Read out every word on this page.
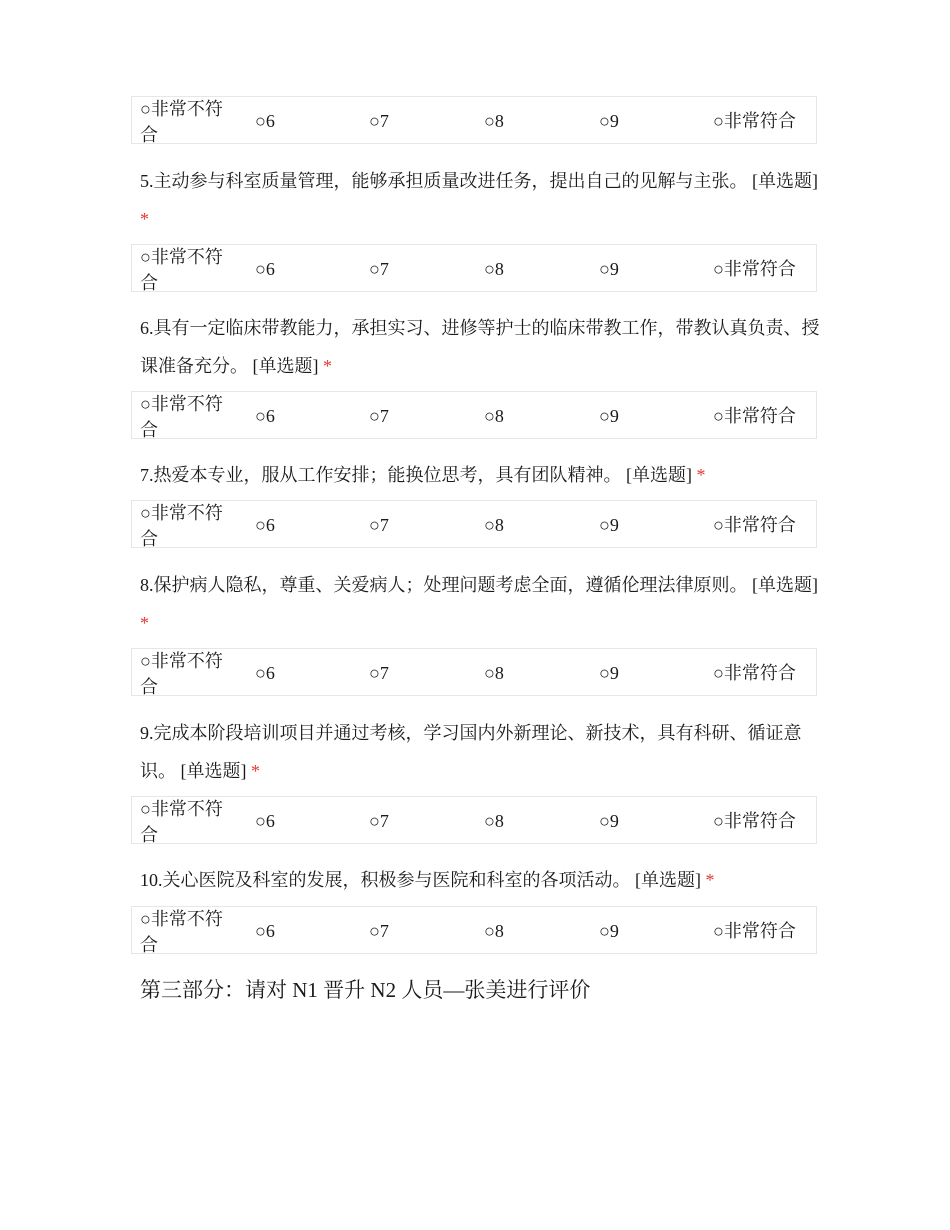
○非常不符合
○6	○7	○8	○9	○非常符合

5.主动参与科室质量管理，能够承担质量改进任务，提出自己的见解与主张。 [单选题] *

○非常不符合
○6	○7	○8	○9	○非常符合

6.具有一定临床带教能力，承担实习、进修等护士的临床带教工作，带教认真负责、授课准备充分。 [单选题] *

○非常不符合
○6	○7	○8	○9	○非常符合

7.热爱本专业，服从工作安排；能换位思考，具有团队精神。 [单选题] *

○非常不符合
○6	○7	○8	○9	○非常符合

8.保护病人隐私，尊重、关爱病人；处理问题考虑全面，遵循伦理法律原则。 [单选题] *

○非常不符合
○6	○7	○8	○9	○非常符合

9.完成本阶段培训项目并通过考核，学习国内外新理论、新技术，具有科研、循证意识。 [单选题] *

○非常不符合
○6	○7	○8	○9	○非常符合

10.关心医院及科室的发展，积极参与医院和科室的各项活动。 [单选题] *

○非常不符合
○6	○7	○8	○9	○非常符合
第三部分：请对 N1 晋升 N2 人员—张美进行评价
